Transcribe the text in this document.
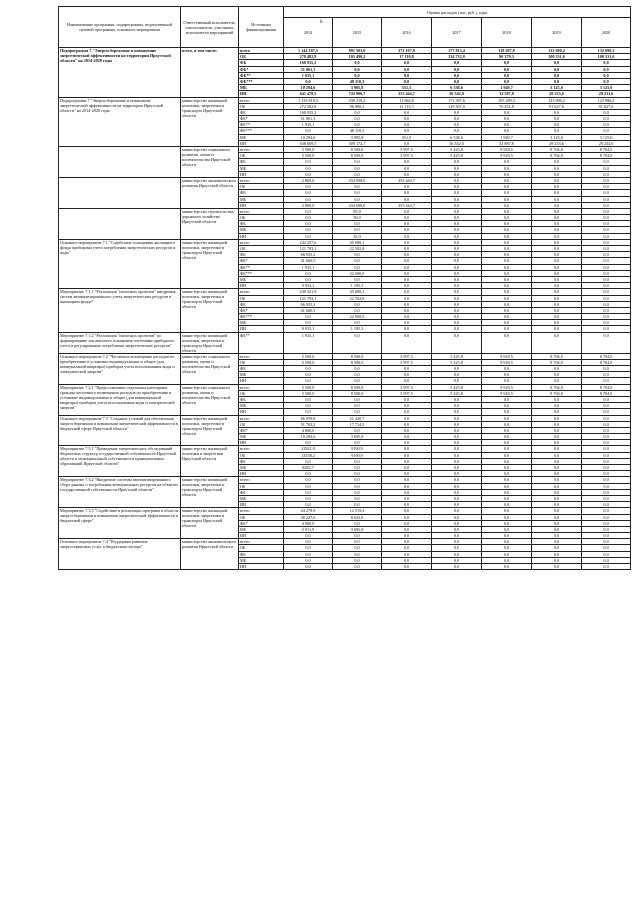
Наименование программы, подпрограммы, ведомственной целевой программы, основного мероприятия	Ответственный исполнитель, соисполнители, участники, исполнители мероприятий	Источники финансирования	Оценка расходов (тыс. руб.), годы						
			2014	2015	2016	2017	2018	2019	2020
Подпрограмма 7 "Энергосбережение и повышение энергетической эффективности на территории Иркутской области" на 2014-2020 годы	всего, в том числе:	всего	1 144 187,5	901 503,0	371 107,8	177 813,4	119 207,8	132 690,2	132 690,2
		ОБ	278 482,8	105 490,2	17 110,8	134 732,8	80 379,3	100 331,6	100 331,6
		ФБ	160 935,2	0,0	0,0	0,0	0,0	0,0	0,0
		ФБ*	51 061,3	0,0	0,0	0,0	0,0	0,0	0,0
		ФБ**	1 935,1	0,0	0,0	0,0	0,0	0,0	0,0
		ФБ***	0,0	48 110,3	0,0	0,0	0,0	0,0	0,0
		МБ	10 294,6	3 995,8	551,5	6 538,6	1 949,7	3 125,0	3 125,0
		ИИ	641 478,5	743 906,7	353 444,7	36 542,0	32 587,8	29 233,6	29 233,6
Подпрограмма 7 "Энергосбережение и повышение энергетической эффективности на территории Иркутской области" на 2014-2020 годы	министерство жилищной политики, энергетики и транспорта Иркутской области	всего	1 135 818,5	438 210,2	11 664,8	172 387,6	105 289,3	123 986,2	123 986,2
		ОБ	272 582,8	96 900,2	11 113,3	129 307,0	70 451,8	91 627,6	91 627,6
		ФБ	160 935,2	0,0	0,0	0,0	0,0	0,0	0,0
		ФБ*	51 061,3	0,0	0,0	0,0	0,0	0,0	0,0
		ФБ**	1 935,1	0,0	0,0	0,0	0,0	0,0	0,0
		ФБ***	0,0	48 110,3	0,0	0,0	0,0	0,0	0,0
		МБ	10 294,6	3 995,8	551,5	6 538,6	1 949,7	3 125,0	3 125,0
		ИИ	638 609,5	309 172,7	0,0	36 542,0	32 887,8	29 233,6	29 233,6
	министерство социального развития, опеки и попечительства Иркутской области	всего	5 500,0	8 500,0	5 997,5	5 425,8	9 918,5	8 704,0	8 704,0
		ОБ	5 500,0	8 500,0	5 997,5	5 425,8	9 918,5	8 704,0	8 704,0
		ФБ	0,0	0,0	0,0	0,0	0,0	0,0	0,0
		МБ	0,0	0,0	0,0	0,0	0,0	0,0	0,0
		ИИ	0,0	0,0	0,0	0,0	0,0	0,0	0,0
	министерство экономического развития Иркутской области	всего	2 869,0	434 698,0	353 444,7	0,0	0,0	0,0	0,0
		ОБ	0,0	0,0	0,0	0,0	0,0	0,0	0,0
		ФБ	0,0	0,0	0,0	0,0	0,0	0,0	0,0
		МБ	0,0	0,0	0,0	0,0	0,0	0,0	0,0
		ИИ	2 869,0	434 698,0	353 444,7	0,0	0,0	0,0	0,0
	министерство строительства, дорожного хозяйства Иркутской области	всего	0,0	85,0	0,0	0,0	0,0	0,0	0,0
		ОБ	0,0	50,0	0,0	0,0	0,0	0,0	0,0
		ФБ	0,0	0,0	0,0	0,0	0,0	0,0	0,0
		МБ	0,0	0,0	0,0	0,0	0,0	0,0	0,0
		ИИ	0,0	35,0	0,0	0,0	0,0	0,0	0,0
Основное мероприятие 7.1 "Содействие оснащению жилищного фонда приборами учета потребления энергетических ресурсов и воды"	министерство жилищной политики, энергетики и транспорта Иркутской области	всего	242 257,6	45 688,1	0,0	0,0	0,0	0,0	0,0
		ОБ	121 793,1	22 502,8	0,0	0,0	0,0	0,0	0,0
		ФБ	66 935,2	0,0	0,0	0,0	0,0	0,0	0,0
		ФБ*	41 660,5	0,0	0,0	0,0	0,0	0,0	0,0
		ФБ**	1 935,1	0,0	0,0	0,0	0,0	0,0	0,0
		ФБ***	0,0	22 000,0	0,0	0,0	0,0	0,0	0,0
		МБ	0,0	0,0	0,0	0,0	0,0	0,0	0,0
		ИИ	9 933,1	1 185,3	0,0	0,0	0,0	0,0	0,0
Мероприятие 7.1.1 "Реализация "пилотных проектов" внедрения систем автоматизированного учета энергетических ресурсов в жилищном фонде"	министерство жилищной политики, энергетики и транспорта Иркутской области	всего	240 321,9	45 688,1	0,0	0,0	0,0	0,0	0,0
		ОБ	121 793,1	22 502,8	0,0	0,0	0,0	0,0	0,0
		ФБ	66 935,2	0,0	0,0	0,0	0,0	0,0	0,0
		ФБ*	41 660,5	0,0	0,0	0,0	0,0	0,0	0,0
		ФБ***	0,0	22 000,0	0,0	0,0	0,0	0,0	0,0
		МБ	0,0	0,0	0,0	0,0	0,0	0,0	0,0
		ИИ	9 933,1	1 185,3	0,0	0,0	0,0	0,0	0,0
Мероприятие 7.1.2 "Реализация "пилотных проектов" по формированию зон высокого оснащения системами приборного учета и регулирования потребления энергетических ресурсов"	министерство жилищной политики, энергетики и транспорта Иркутской области	ФБ**	1 935,1	0,0	0,0	0,0	0,0	0,0	0,0
Основное мероприятие 7.2 "Частичное возмещение расходов по приобретению и установке индивидуальных и общих (для коммунальной квартиры) приборов учета использования воды и электрической энергии"	министерство социального развития, опеки и попечительства Иркутской области	всего	5 500,0	8 500,0	5 997,5	5 425,8	9 918,5	8 704,0	8 704,0
		ОБ	5 500,0	8 500,0	5 997,5	5 425,8	9 918,5	8 704,0	8 704,0
		ФБ	0,0	0,0	0,0	0,0	0,0	0,0	0,0
		МБ	0,0	0,0	0,0	0,0	0,0	0,0	0,0
		ИИ	0,0	0,0	0,0	0,0	0,0	0,0	0,0
Мероприятие 7.2.1 "Предоставление отдельным категориям граждан частичного возмещения расходов по приобретению и установке индивидуальных и общих (для коммунальной квартиры) приборов учета использования воды и электрической энергии"	министерство социального развития, опеки и попечительства Иркутской области	всего	5 500,0	8 500,0	5 997,5	5 425,8	9 918,5	8 704,0	8 704,0
		ОБ	5 500,0	8 500,0	5 997,5	5 425,8	9 918,5	8 704,0	8 704,0
		ФБ	0,0	0,0	0,0	0,0	0,0	0,0	0,0
		МБ	0,0	0,0	0,0	0,0	0,0	0,0	0,0
		ИИ	0,0	0,0	0,0	0,0	0,0	0,0	0,0
Основное мероприятие 7.3 "Создание условий для обеспечения энергосбережения и повышения энергетической эффективности в бюджетной сфере Иркутской области"	министерство жилищной политики, энергетики и транспорта Иркутской области	всего	66 059,8	21 420,7	0,0	0,0	0,0	0,0	0,0
		ОБ	51 765,2	17 724,5	0,0	0,0	0,0	0,0	0,0
		ФБ*	4 000,0	0,0	0,0	0,0	0,0	0,0	0,0
		МБ	10 294,6	3 695,8	0,0	0,0	0,0	0,0	0,0
		ИИ	0,0	0,0	0,0	0,0	0,0	0,0	0,0
Мероприятие 7.3.1 "Проведение энергетических обследований бюджетных структур государственной собственности Иркутской области и муниципальной собственности муниципальных образований Иркутской области"	министерство жилищной политики и энергетики Иркутской области	всего	21821,9	9190,9	0,0	0,0	0,0	0,0	0,0
		ОБ	13538,2	9190,9	0,0	0,0	0,0	0,0	0,0
		ФБ	0,0	0,0	0,0	0,0	0,0	0,0	0,0
		МБ	8282,7	0,0	0,0	0,0	0,0	0,0	0,0
		ИИ	0,0	0,0	0,0	0,0	0,0	0,0	0,0
Мероприятие 7.3.2 "Внедрение системы автоматизированного сбора данных о потреблении коммунальных ресурсов на объектах государственной собственности Иркутской области"	министерство жилищной политики, энергетики и транспорта Иркутской области	всего	0,0	0,0	0,0	0,0	0,0	0,0	0,0
		ОБ	0,0	0,0	0,0	0,0	0,0	0,0	0,0
		ФБ	0,0	0,0	0,0	0,0	0,0	0,0	0,0
		МБ	0,0	0,0	0,0	0,0	0,0	0,0	0,0
		ИИ	0,0	0,0	0,0	0,0	0,0	0,0	0,0
Мероприятие 7.3.3 "Содействие в реализации программ в области энергосбережения и повышения энергетической эффективности в бюджетной сфере"	министерство жилищной политики, энергетики и транспорта Иркутской области	всего	44 278,9	12 519,4	0,0	0,0	0,0	0,0	0,0
		ОБ	38 227,0	8 623,6	0,0	0,0	0,0	0,0	0,0
		ФБ*	4 000,0	0,0	0,0	0,0	0,0	0,0	0,0
		МБ	2 011,9	3 695,8	0,0	0,0	0,0	0,0	0,0
		ИИ	0,0	0,0	0,0	0,0	0,0	0,0	0,0
Основное мероприятие 7.4 "Поддержка развития энергосервисных услуг в бюджетном секторе"	министерство экономического развития Иркутской области	всего	0,0	0,0	0,0	0,0	0,0	0,0	0,0
		ОБ	0,0	0,0	0,0	0,0	0,0	0,0	0,0
		ФБ	0,0	0,0	0,0	0,0	0,0	0,0	0,0
		МБ	0,0	0,0	0,0	0,0	0,0	0,0	0,0
		ИИ	0,0	0,0	0,0	0,0	0,0	0,0	0,0
6
